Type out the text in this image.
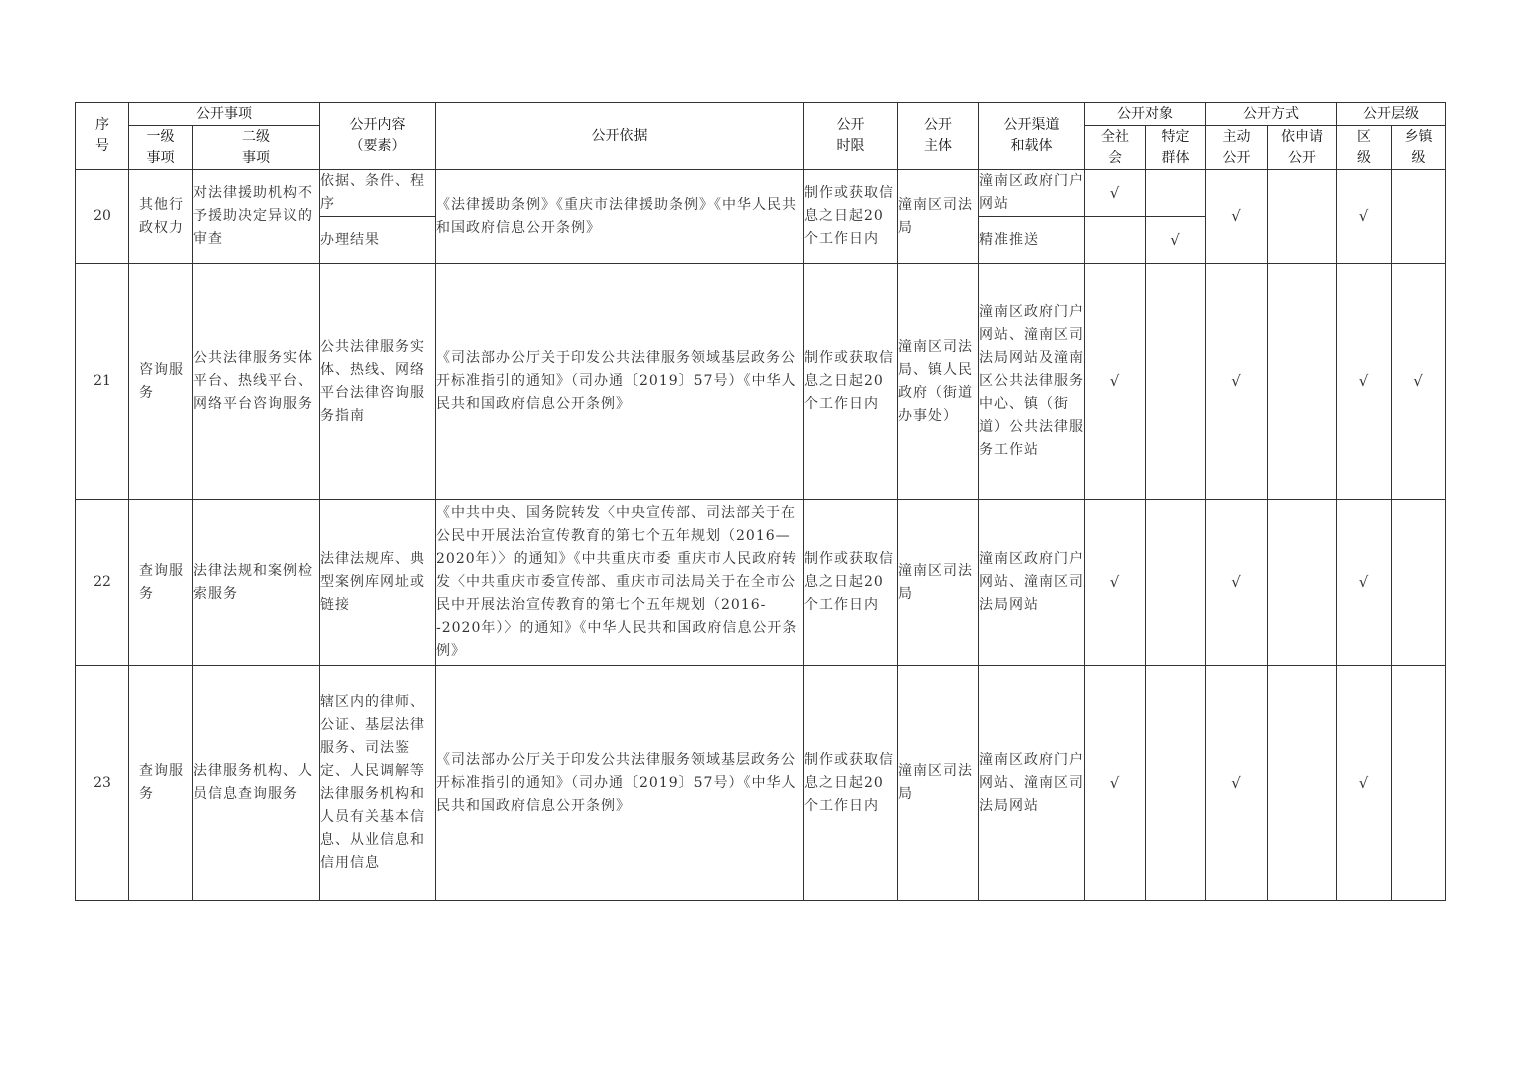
序号	公开事项		公开内容（要素）	公开依据	公开时限	公开主体	公开渠道和载体	公开对象		公开方式		公开层级	

	一级事项	二级事项						全社会	特定群体	主动公开	依申请公开	区级	乡镇级

20	其他行政权力	对法律援助机构不予援助决定异议的审查	依据、条件、程序	《法律援助条例》《重庆市法律援助条例》《中华人民共和国政府信息公开条例》	制作或获取信息之日起20个工作日内	潼南区司法局	潼南区政府门户网站	√		√		√	
			办理结果				精准推送		√				
21	咨询服务	公共法律服务实体平台、热线平台、网络平台咨询服务	公共法律服务实体、热线、网络平台法律咨询服务指南	《司法部办公厅关于印发公共法律服务领域基层政务公开标准指引的通知》（司办通〔2019〕57号）《中华人民共和国政府信息公开条例》	制作或获取信息之日起20个工作日内	潼南区司法局、镇人民政府（街道办事处）	潼南区政府门户网站、潼南区司法局网站及潼南区公共法律服务中心、镇（街道）公共法律服务工作站	√		√		√	√
22	查询服务	法律法规和案例检索服务	法律法规库、典型案例库网址或链接	《中共中央、国务院转发〈中央宣传部、司法部关于在公民中开展法治宣传教育的第七个五年规划（2016—2020年）〉的通知》《中共重庆市委 重庆市人民政府转发〈中共重庆市委宣传部、重庆市司法局关于在全市公民中开展法治宣传教育的第七个五年规划（2016--2020年）〉的通知》《中华人民共和国政府信息公开条例》	制作或获取信息之日起20个工作日内	潼南区司法局	潼南区政府门户网站、潼南区司法局网站	√		√		√	
23	查询服务	法律服务机构、人员信息查询服务	辖区内的律师、公证、基层法律服务、司法鉴定、人民调解等法律服务机构和人员有关基本信息、从业信息和信用信息	《司法部办公厅关于印发公共法律服务领域基层政务公开标准指引的通知》（司办通〔2019〕57号）《中华人民共和国政府信息公开条例》	制作或获取信息之日起20个工作日内	潼南区司法局	潼南区政府门户网站、潼南区司法局网站	√		√		√	
